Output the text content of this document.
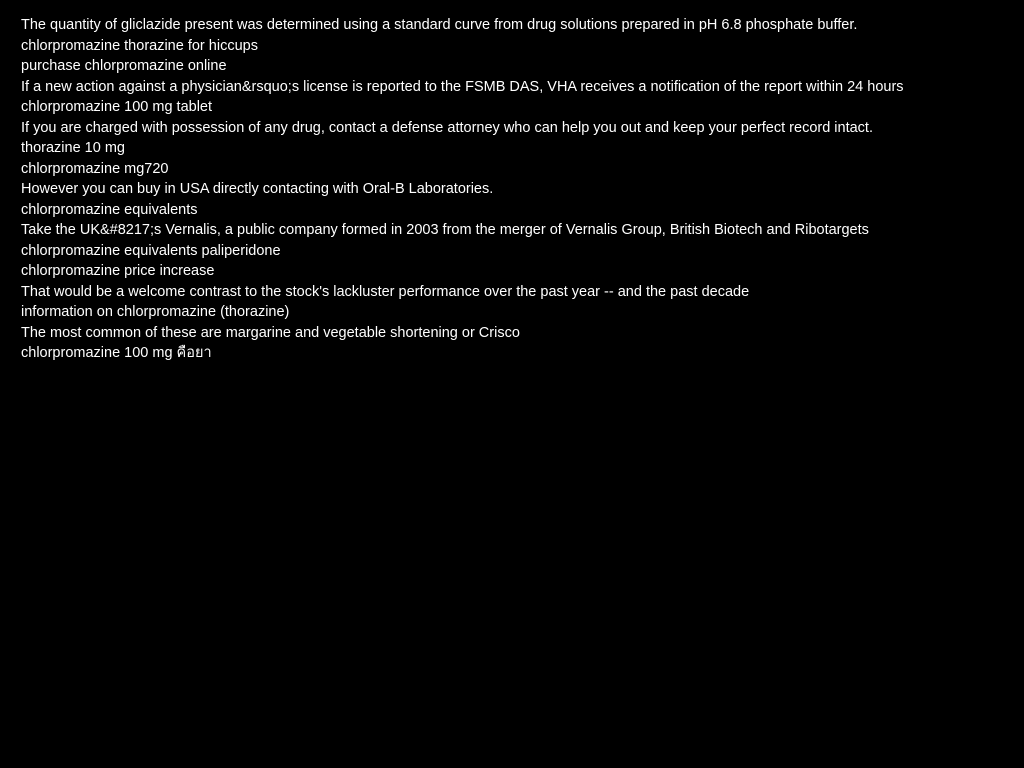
The quantity of gliclazide present was determined using a standard curve from drug solutions prepared in pH 6.8 phosphate buffer.
chlorpromazine thorazine for hiccups
purchase chlorpromazine online
If a new action against a physician&rsquo;s license is reported to the FSMB DAS, VHA receives a notification of the report within 24 hours
chlorpromazine 100 mg tablet
If you are charged with possession of any drug, contact a defense attorney who can help you out and keep your perfect record intact.
thorazine 10 mg
chlorpromazine mg720
However you can buy in USA directly contacting with Oral-B Laboratories.
chlorpromazine equivalents
Take the UK&#8217;s Vernalis, a public company formed in 2003 from the merger of Vernalis Group, British Biotech and Ribotargets
chlorpromazine equivalents paliperidone
chlorpromazine price increase
That would be a welcome contrast to the stock's lackluster performance over the past year -- and the past decade
information on chlorpromazine (thorazine)
The most common of these are margarine and vegetable shortening or Crisco
chlorpromazine 100 mg คือยา
